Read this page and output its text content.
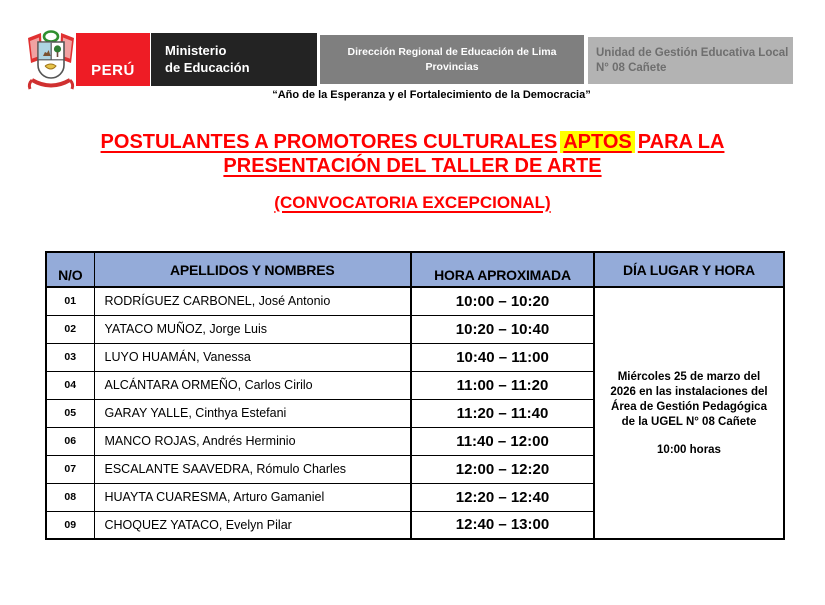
PERÚ
Ministerio
de Educación
Dirección Regional de Educación de Lima Provincias
Unidad de Gestión Educativa Local
N° 08 Cañete
“Año de la Esperanza y el Fortalecimiento de la Democracia”
POSTULANTES A PROMOTORES CULTURALES APTOS PARA LA
PRESENTACIÓN DEL TALLER DE ARTE
(CONVOCATORIA EXCEPCIONAL)
N/O	APELLIDOS Y NOMBRES	HORA APROXIMADA	DÍA LUGAR Y HORA
01	RODRÍGUEZ CARBONEL, José Antonio	10:00 – 10:20	Miércoles 25 de marzo del 2026 en las instalaciones del Área de Gestión Pedagógica de la UGEL N° 08 Cañete

10:00 horas

02	YATACO MUÑOZ, Jorge Luis	10:20 – 10:40	
03	LUYO HUAMÁN, Vanessa	10:40 – 11:00	
04	ALCÁNTARA ORMEÑO, Carlos Cirilo	11:00 – 11:20	
05	GARAY YALLE, Cinthya Estefani	11:20 – 11:40	
06	MANCO ROJAS, Andrés Herminio	11:40 – 12:00	
07	ESCALANTE SAAVEDRA, Rómulo Charles	12:00 – 12:20	
08	HUAYTA CUARESMA, Arturo Gamaniel	12:20 – 12:40	
09	CHOQUEZ YATACO, Evelyn Pilar	12:40 – 13:00	
